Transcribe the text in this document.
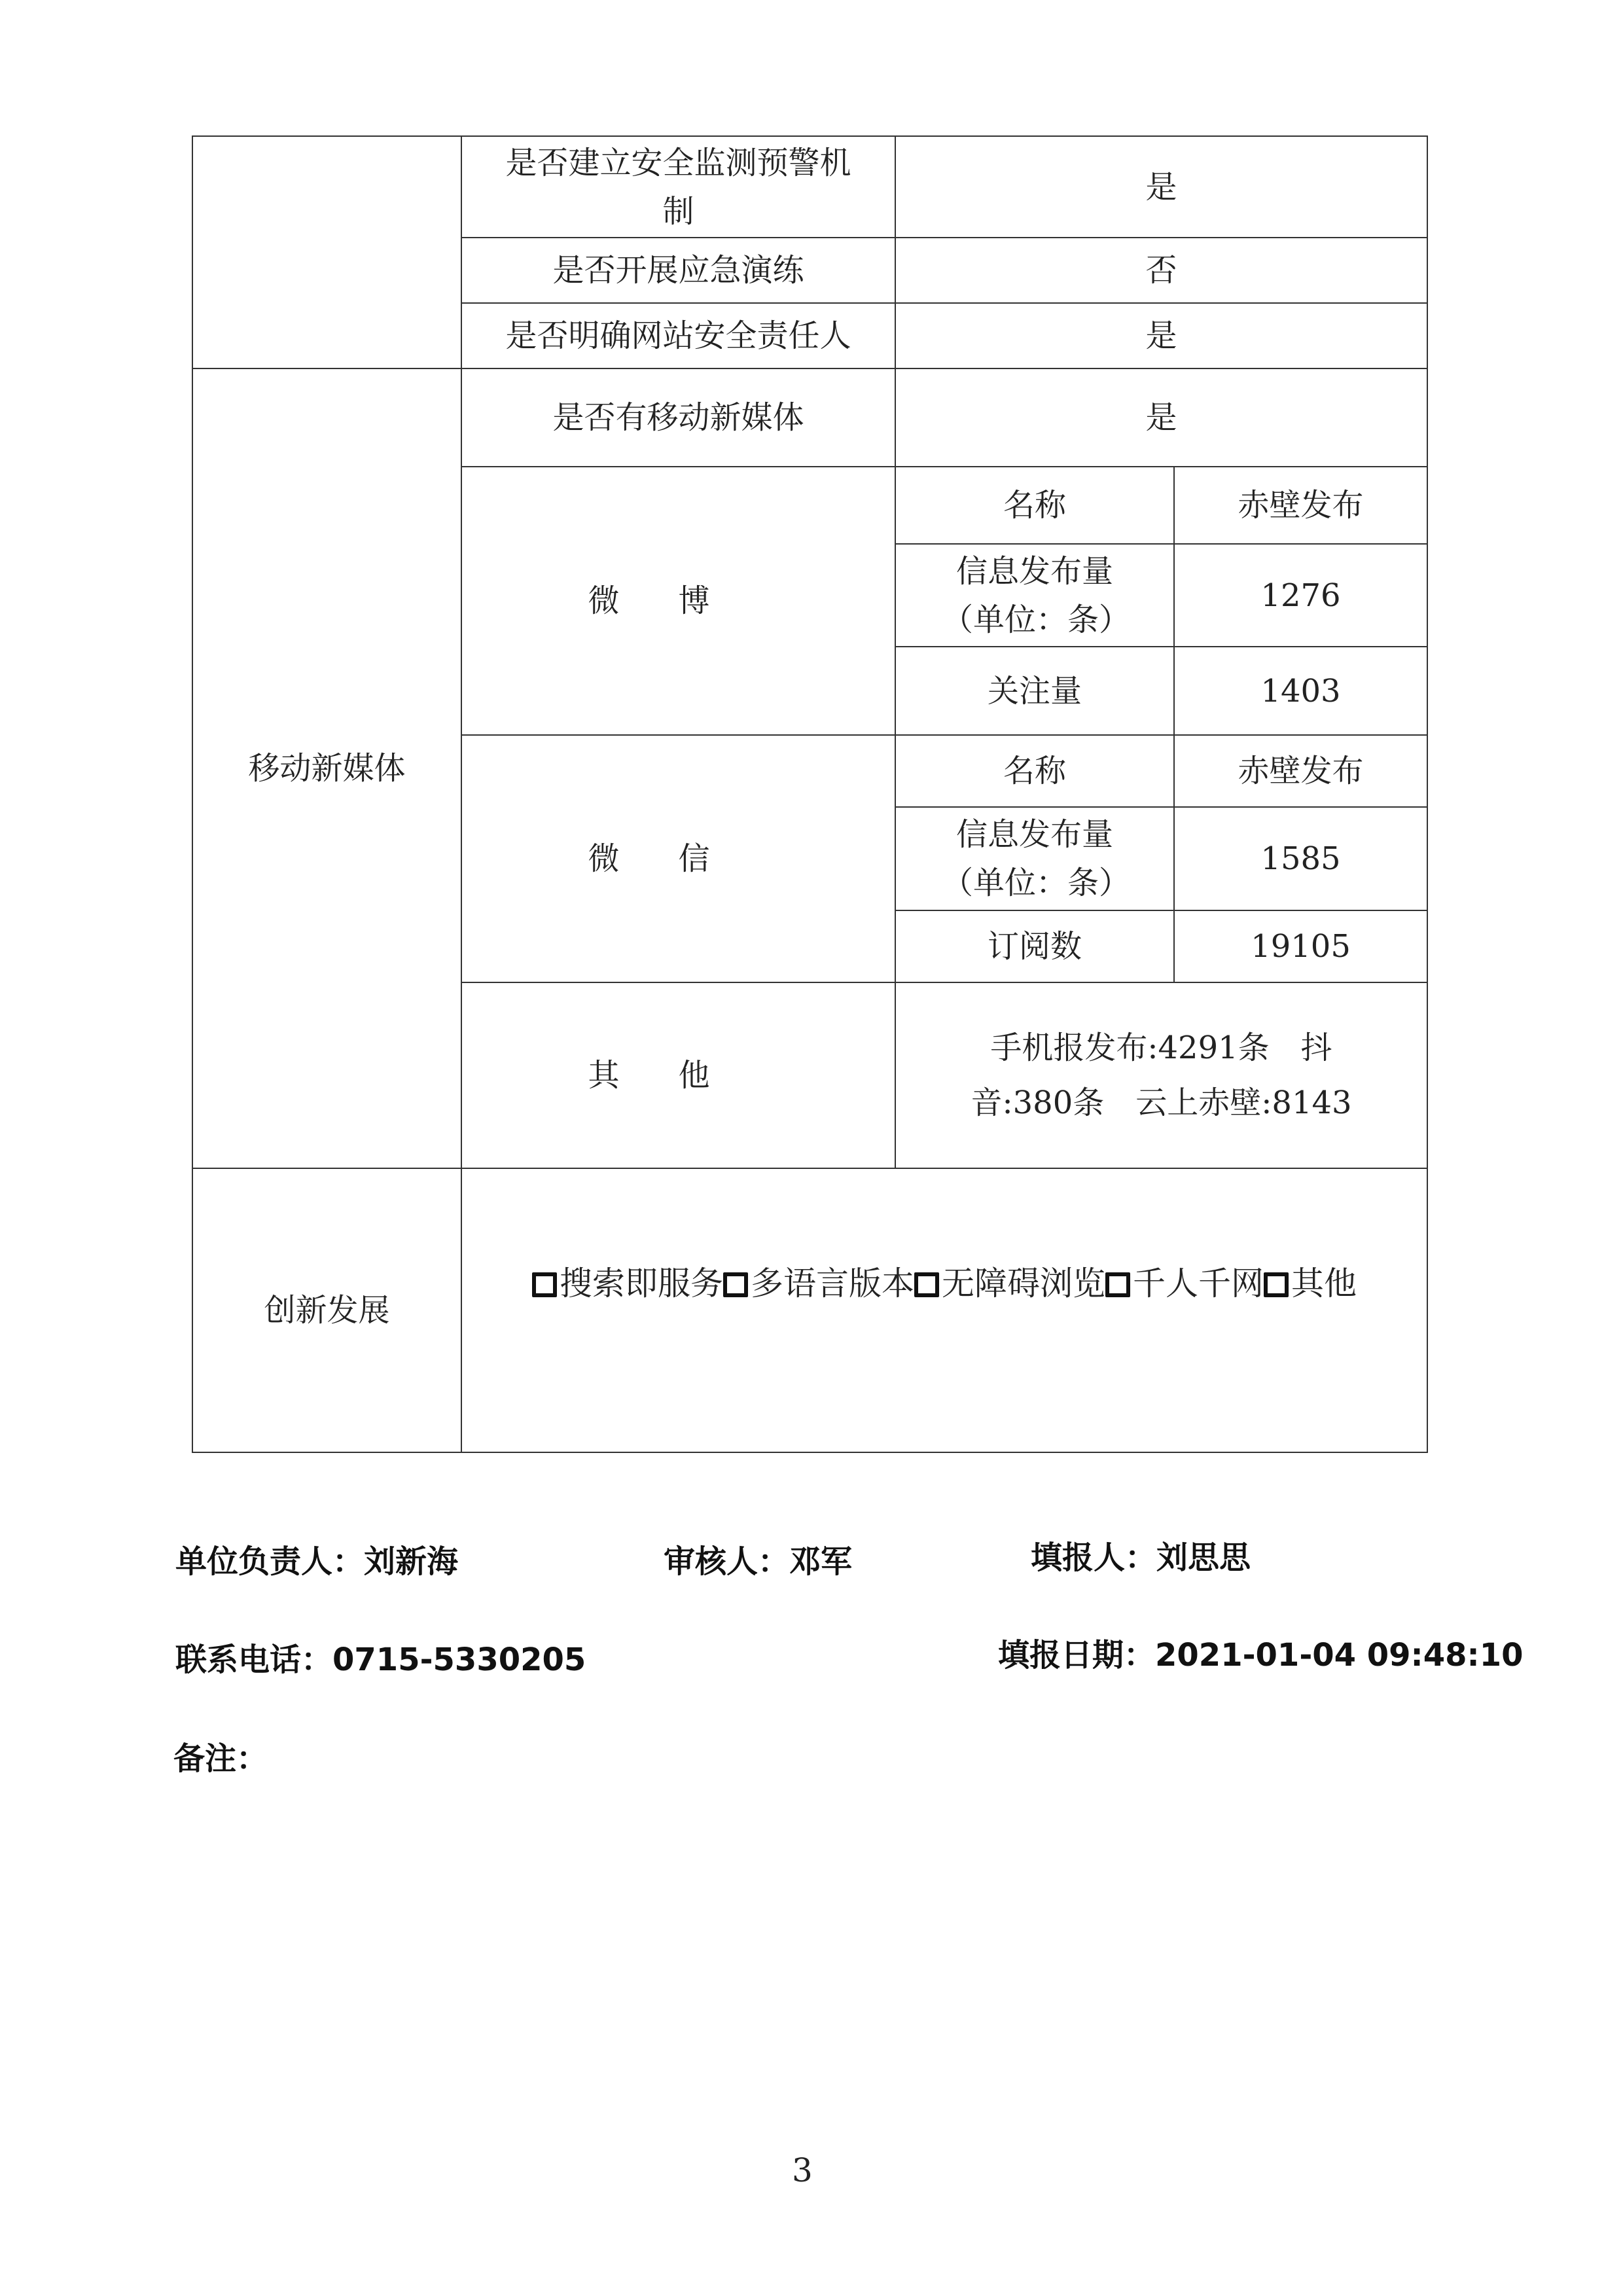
	是否建立安全监测预警机制	是	
	是否开展应急演练	否	
	是否明确网站安全责任人	是	
移动新媒体	是否有移动新媒体	是	
	微博	名称	赤壁发布
		信息发布量（单位：条）	1276
		关注量	1403
	微信	名称	赤壁发布
		信息发布量（单位：条）	1585
		订阅数	19105
	其他	手机报发布:4291条　抖音:380条　云上赤壁:8143	
创新发展	搜索即服务 多语言版本 无障碍浏览 千人千网 其他		
单位负责人：刘新海	审核人：邓军	填报人：刘思思
联系电话：0715-5330205	填报日期：2021-01-04 09:48:10
备注：
3
